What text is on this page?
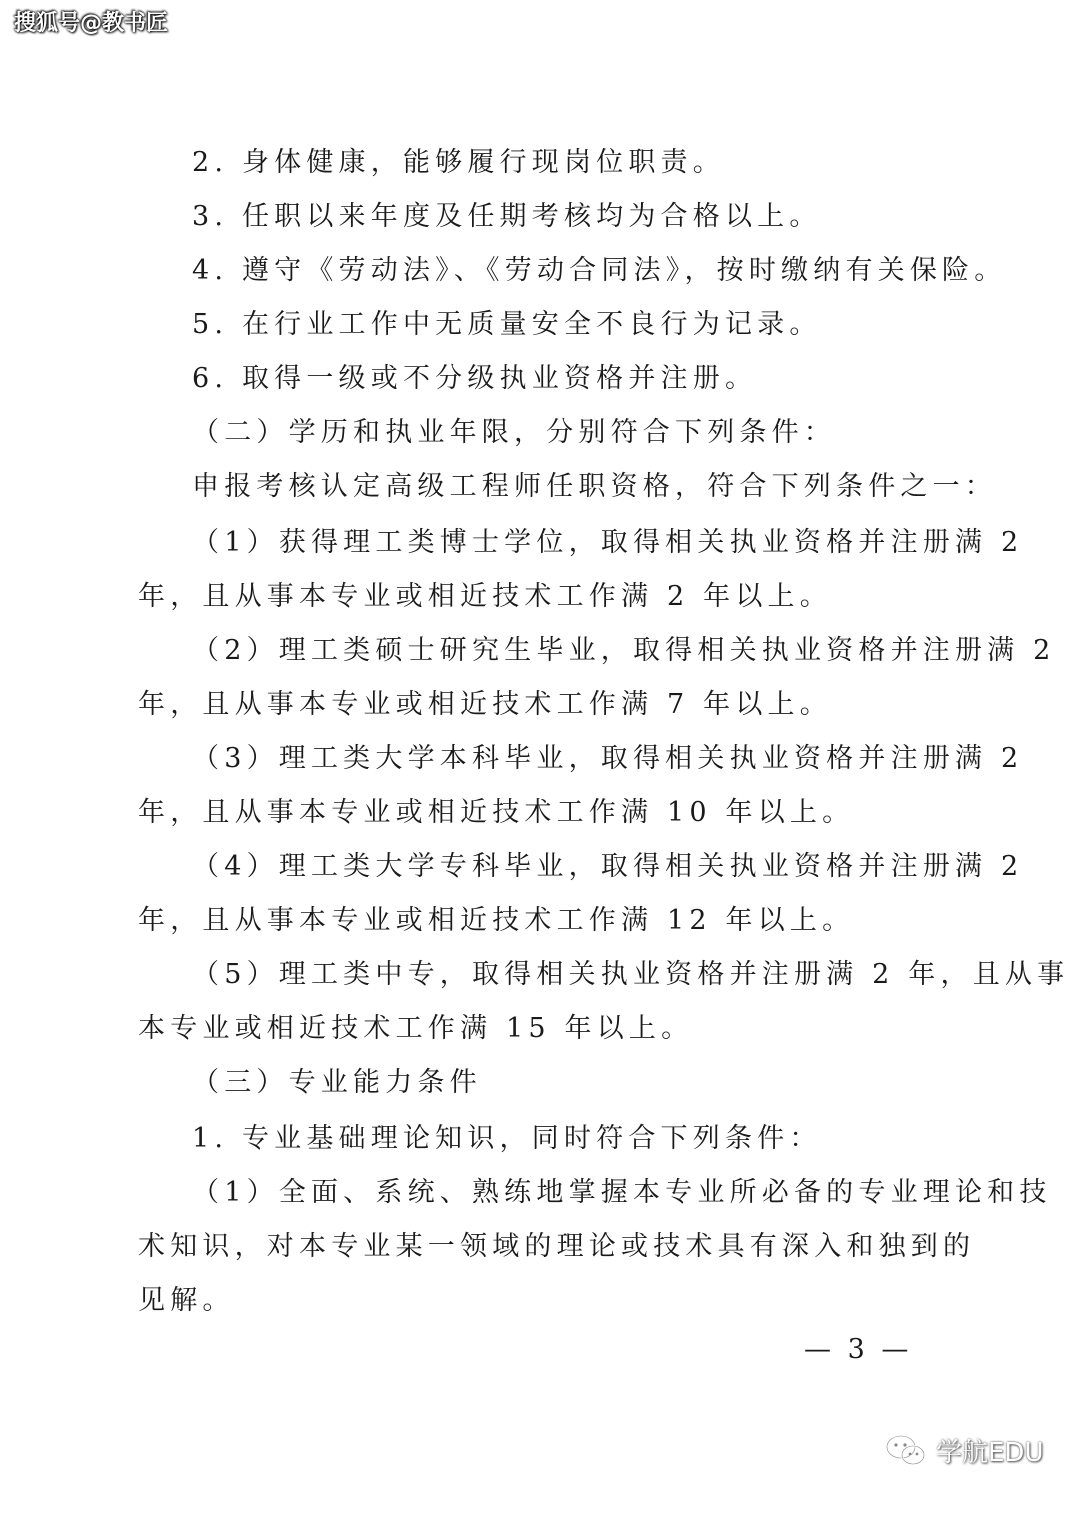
搜狐号@教书匠
2. 身体健康，能够履行现岗位职责。
3. 任职以来年度及任期考核均为合格以上。
4. 遵守《劳动法》、《劳动合同法》，按时缴纳有关保险。
5. 在行业工作中无质量安全不良行为记录。
6. 取得一级或不分级执业资格并注册。
（二）学历和执业年限，分别符合下列条件：
申报考核认定高级工程师任职资格，符合下列条件之一：
（1）获得理工类博士学位，取得相关执业资格并注册满 2
年，且从事本专业或相近技术工作满 2 年以上。
（2）理工类硕士研究生毕业，取得相关执业资格并注册满 2
年，且从事本专业或相近技术工作满 7 年以上。
（3）理工类大学本科毕业，取得相关执业资格并注册满 2
年，且从事本专业或相近技术工作满 10 年以上。
（4）理工类大学专科毕业，取得相关执业资格并注册满 2
年，且从事本专业或相近技术工作满 12 年以上。
（5）理工类中专，取得相关执业资格并注册满 2 年，且从事
本专业或相近技术工作满 15 年以上。
（三）专业能力条件
1. 专业基础理论知识，同时符合下列条件：
（1）全面、系统、熟练地掌握本专业所必备的专业理论和技
术知识，对本专业某一领域的理论或技术具有深入和独到的
见解。
— 3 —
学航EDU
